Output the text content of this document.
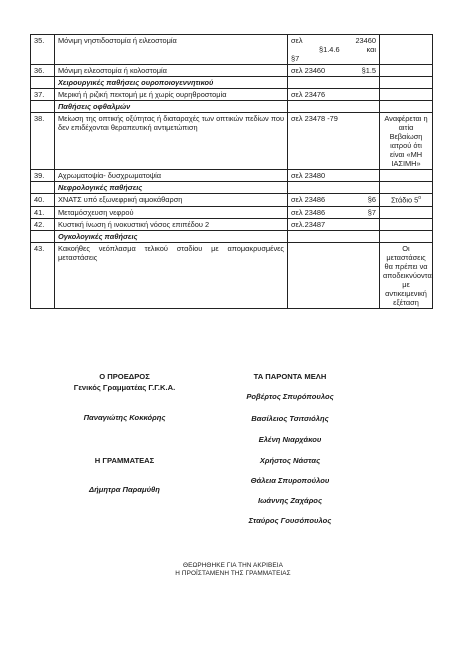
35.	Μόνιμη νηστιδοστομία ή ειλεοστομία	σελ 23460
§1.4.6 και
§7	

36.	Μόνιμη ειλεοστομία ή κολοστομία	σελ 23460 §1.5	

	Χειρουργικές παθήσεις ουροποιογεννητικού		
37.	Μερική ή ριζική πεκτομή με ή χωρίς ουρηθροστομία	σελ 23476	

	Παθήσεις οφθαλμών		
38.	Μείωση της οπτικής οξύτητας ή διαταραχές των οπτικών πεδίων που δεν επιδέχονται θεραπευτική αντιμετώπιση	σελ 23478 -79	Αναφέρεται η αιτία Βεβαίωση ιατρού ότι είναι «ΜΗ ΙΑΣΙΜΗ»
39.	Αχρωματοψία- δυσχρωματοψία	σελ 23480	

	Νεφρολογικές παθήσεις		
40.	ΧΝΑΤΣ υπό εξωνεφρική αιμοκάθαρση	σελ 23486 §6	Στάδιο $5^o$
41.	Μεταμόσχευση νεφρού	σελ 23486 §7	

42.	Κυστική ίνωση ή ινοκυστική νόσος επιπέδου 2	σελ.23487	

	Ογκολογικές παθήσεις		
43.	Κακοήθες νεόπλασμα τελικού σταδίου με απομακρυσμένες μεταστάσεις		Οι μεταστάσεις θα πρέπει να αποδεικνύονται με αντικειμενική εξέταση
Ο ΠΡΟΕΔΡΟΣ
Γενικός Γραμματέας Γ.Γ.Κ.Α.
Παναγιώτης Κοκκόρης
Η ΓΡΑΜΜΑΤΕΑΣ
Δήμητρα Παραμύθη
ΤΑ ΠΑΡΟΝΤΑ ΜΕΛΗ
Ροβέρτος Σπυρόπουλος
Βασίλειος Τσιτσιόλης
Ελένη Νιαρχάκου
Χρήστος Νάστας
Θάλεια Σπυροπούλου
Ιωάννης Ζαχάρος
Σταύρος Γουσόπουλος
ΘΕΩΡΗΘΗΚΕ ΓΙΑ ΤΗΝ ΑΚΡΙΒΕΙΑ
Η ΠΡΟΪΣΤΑΜΕΝΗ ΤΗΣ ΓΡΑΜΜΑΤΕΙΑΣ
